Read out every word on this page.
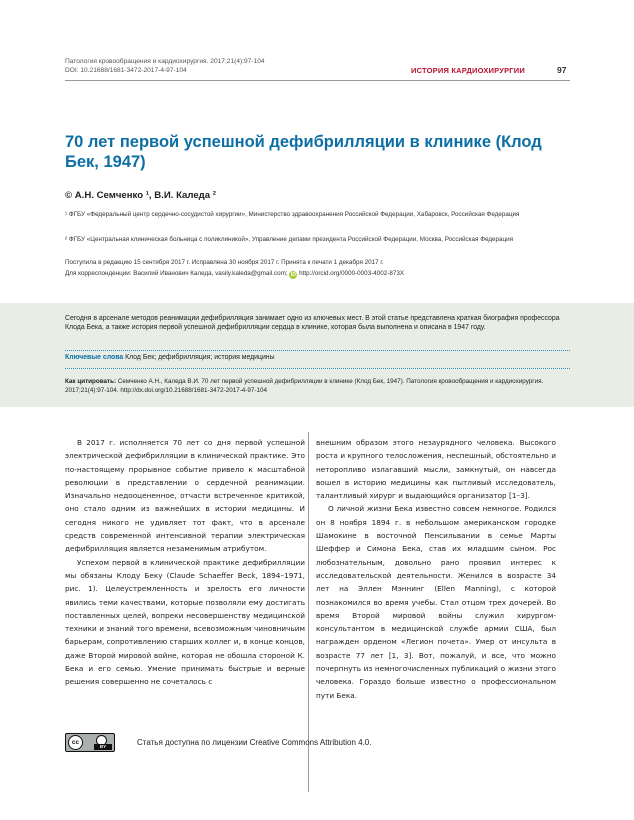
Патология кровообращения и кардиохирургия. 2017;21(4):97-104
DOI: 10.21688/1681-3472-2017-4-97-104	ИСТОРИЯ КАРДИОХИРУРГИИ	97
70 лет первой успешной дефибрилляции в клинике (Клод Бек, 1947)
© А.Н. Семченко ¹, В.И. Каледа ²
¹ ФГБУ «Федеральный центр сердечно-сосудистой хирургии», Министерство здравоохранения Российской Федерации, Хабаровск, Российская Федерация
² ФГБУ «Центральная клиническая больница с поликлиникой», Управление делами президента Российской Федерации, Москва, Российская Федерация
Поступила в редакцию 15 сентября 2017 г. Исправлена 30 ноября 2017 г. Принята к печати 1 декабря 2017 г.
Для корреспонденции: Василий Иванович Каледа, vasily.kaleda@gmail.com; iD http://orcid.org/0000-0003-4002-873X
Сегодня в арсенале методов реанимации дефибрилляция занимает одно из ключевых мест. В этой статье представлена краткая биография профессора Клода Бека, а также история первой успешной дефибрилляции сердца в клинике, которая была выполнена и описана в 1947 году.
Ключевые слова Клод Бек; дефибрилляция; история медицины
Как цитировать: Семченко А.Н., Каледа В.И. 70 лет первой успешной дефибрилляции в клинике (Клод Бек, 1947). Патология кровообращения и кардиохирургия. 2017;21(4):97-104. http://dx.doi.org/10.21688/1681-3472-2017-4-97-104

В 2017 г. исполняется 70 лет со дня первой успешной электрической дефибрилляции в клинической практике. Это по-настоящему прорывное событие привело к масштабной революции в представлении о сердечной реанимации. Изначально недооцененное, отчасти встреченное критикой, оно стало одним из важнейших в истории медицины. И сегодня никого не удивляет тот факт, что в арсенале средств современной интенсивной терапии электрическая дефибрилляция является незаменимым атрибутом.

Успехом первой в клинической практике дефибрилляции мы обязаны Клоду Беку (Claude Schaeffer Beck, 1894–1971, рис. 1). Целеустремленность и зрелость его личности явились теми качествами, которые позволяли ему достигать поставленных целей, вопреки несовершенству медицинской техники и знаний того времени, всевозможным чиновничьим барьерам, сопротивлению старших коллег и, в конце концов, даже Второй мировой войне, которая не обошла стороной К. Бека и его семью. Умение принимать быстрые и верные решения совершенно не сочеталось с

внешним образом этого незаурядного человека. Высокого роста и крупного телосложения, неспешный, обстоятельно и неторопливо излагавший мысли, замкнутый, он навсегда вошел в историю медицины как пытливый исследователь, талантливый хирург и выдающийся организатор [1–3].

О личной жизни Бека известно совсем немногое. Родился он 8 ноября 1894 г. в небольшом американском городке Шамокине в восточной Пенсильвании в семье Марты Шеффер и Симона Бека, став их младшим сыном. Рос любознательным, довольно рано проявил интерес к исследовательской деятельности. Женился в возрасте 34 лет на Эллен Мэннинг (Ellen Manning), с которой познакомился во время учебы. Стал отцом трех дочерей. Во время Второй мировой войны служил хирургом-консультантом в медицинской службе армии США, был награжден орденом «Легион почета». Умер от инсульта в возрасте 77 лет [1, 3]. Вот, пожалуй, и все, что можно почерпнуть из немногочисленных публикаций о жизни этого человека. Гораздо больше известно о профессиональном пути Бека.

cc
BY	Статья доступна по лицензии Creative Commons Attribution 4.0.
